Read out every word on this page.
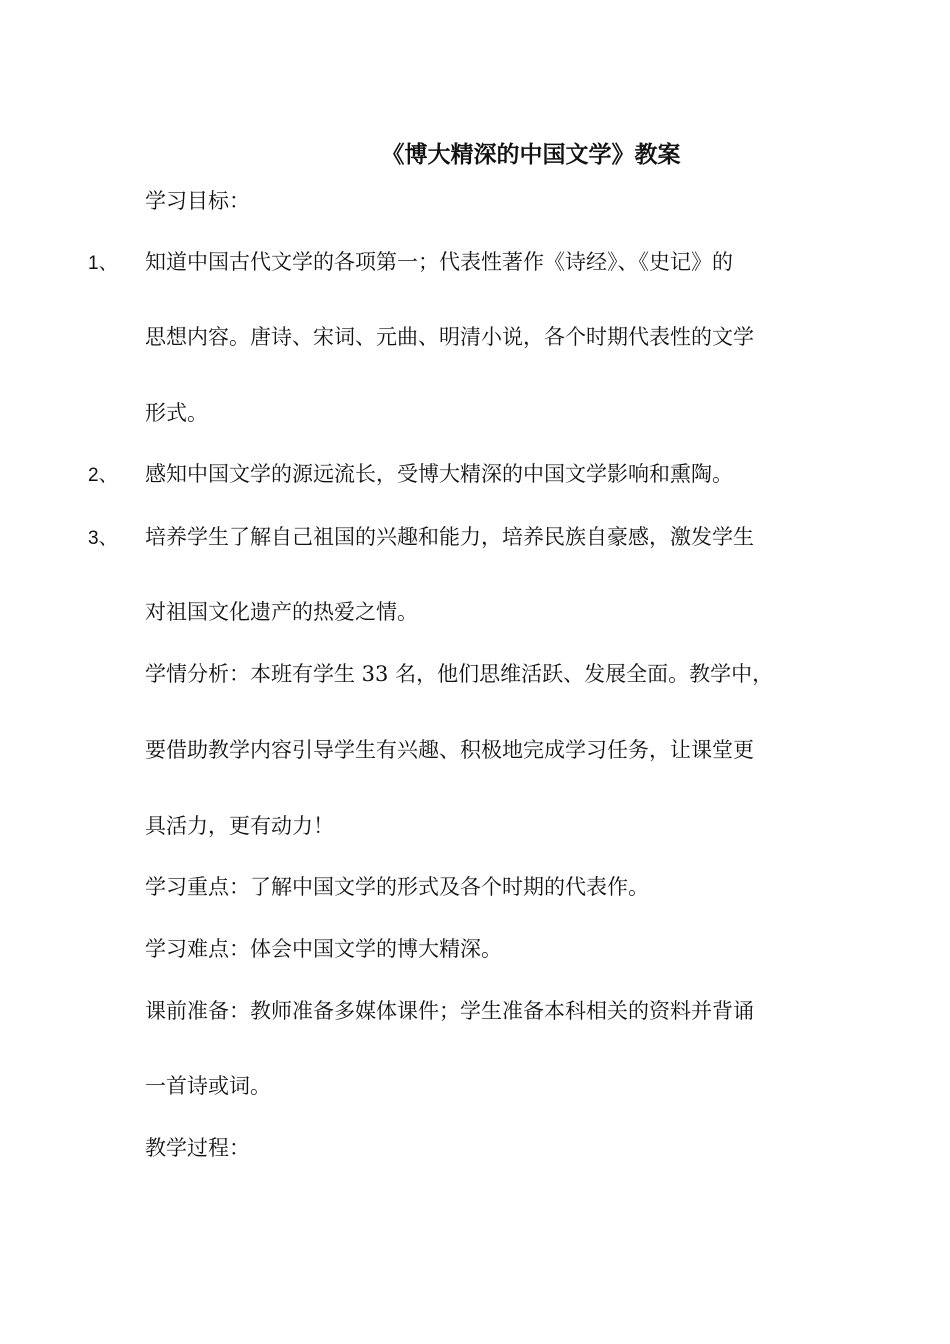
《博大精深的中国文学》教案
学习目标：
1、 知道中国古代文学的各项第一；代表性著作《诗经》、《史记》的
思想内容。唐诗、宋词、元曲、明清小说，各个时期代表性的文学
形式。
2、 感知中国文学的源远流长，受博大精深的中国文学影响和熏陶。
3、 培养学生了解自己祖国的兴趣和能力，培养民族自豪感，激发学生
对祖国文化遗产的热爱之情。
学情分析：本班有学生 33 名，他们思维活跃、发展全面。教学中，
要借助教学内容引导学生有兴趣、积极地完成学习任务，让课堂更
具活力，更有动力！
学习重点：了解中国文学的形式及各个时期的代表作。
学习难点：体会中国文学的博大精深。
课前准备：教师准备多媒体课件；学生准备本科相关的资料并背诵
一首诗或词。
教学过程：
